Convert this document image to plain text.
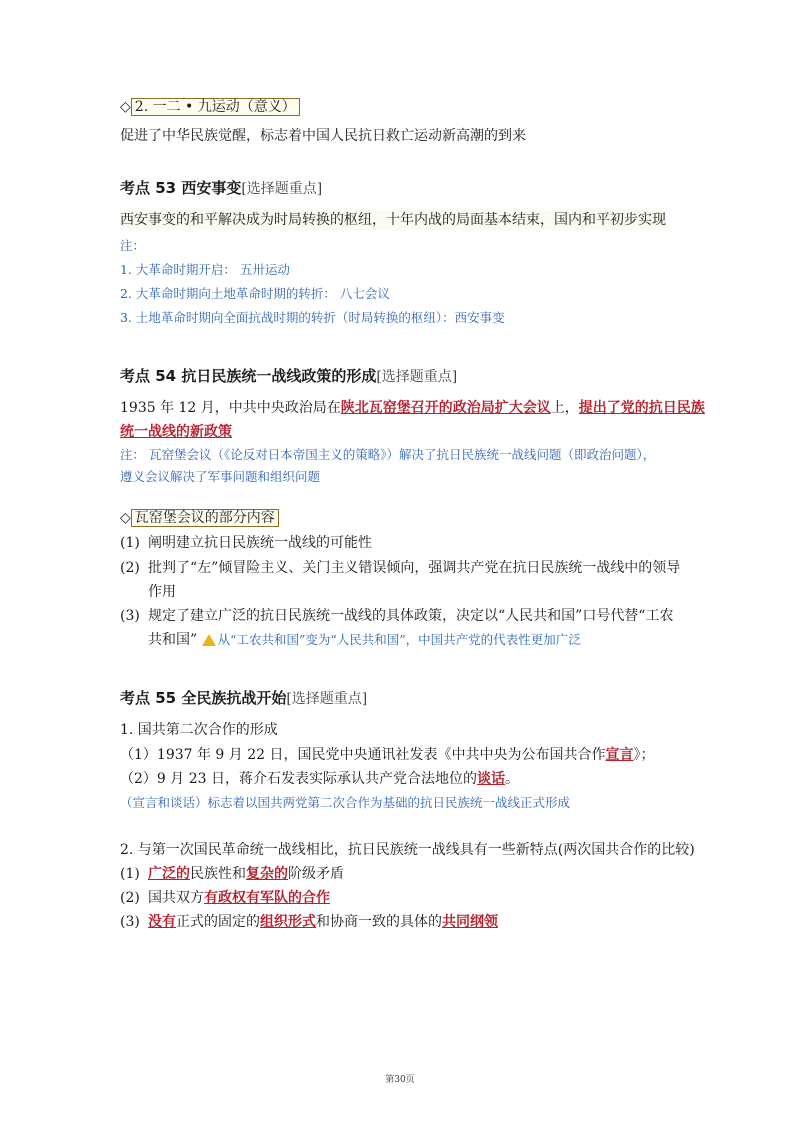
◇ 2. 一二 • 九运动（意义）
促进了中华民族觉醒，标志着中国人民抗日救亡运动新高潮的到来
考点 53 西安事变[选择题重点]
西安事变的和平解决成为时局转换的枢纽，十年内战的局面基本结束，国内和平初步实现
注：
1. 大革命时期开启： 五卅运动
2. 大革命时期向土地革命时期的转折： 八七会议
3. 土地革命时期向全面抗战时期的转折（时局转换的枢纽）：西安事变
考点 54 抗日民族统一战线政策的形成[选择题重点]
1935 年 12 月，中共中央政治局在陕北瓦窑堡召开的政治局扩大会议上，提出了党的抗日民族
统一战线的新政策
注： 瓦窑堡会议（《论反对日本帝国主义的策略》）解决了抗日民族统一战线问题（即政治问题），
遵义会议解决了军事问题和组织问题
◇ 瓦窑堡会议的部分内容
(1) 阐明建立抗日民族统一战线的可能性
(2) 批判了“左”倾冒险主义、关门主义错误倾向，强调共产党在抗日民族统一战线中的领导
作用
(3) 规定了建立广泛的抗日民族统一战线的具体政策，决定以“人民共和国”口号代替“工农
共和国” 从“工农共和国”变为“人民共和国”，中国共产党的代表性更加广泛
考点 55 全民族抗战开始[选择题重点]
1. 国共第二次合作的形成
（1）1937 年 9 月 22 日，国民党中央通讯社发表《中共中央为公布国共合作宣言》；
（2）9 月 23 日，蒋介石发表实际承认共产党合法地位的谈话。
（宣言和谈话）标志着以国共两党第二次合作为基础的抗日民族统一战线正式形成
2. 与第一次国民革命统一战线相比，抗日民族统一战线具有一些新特点(两次国共合作的比较)
(1) 广泛的民族性和复杂的阶级矛盾
(2) 国共双方有政权有军队的合作
(3) 没有正式的固定的组织形式和协商一致的具体的共同纲领
第30页
